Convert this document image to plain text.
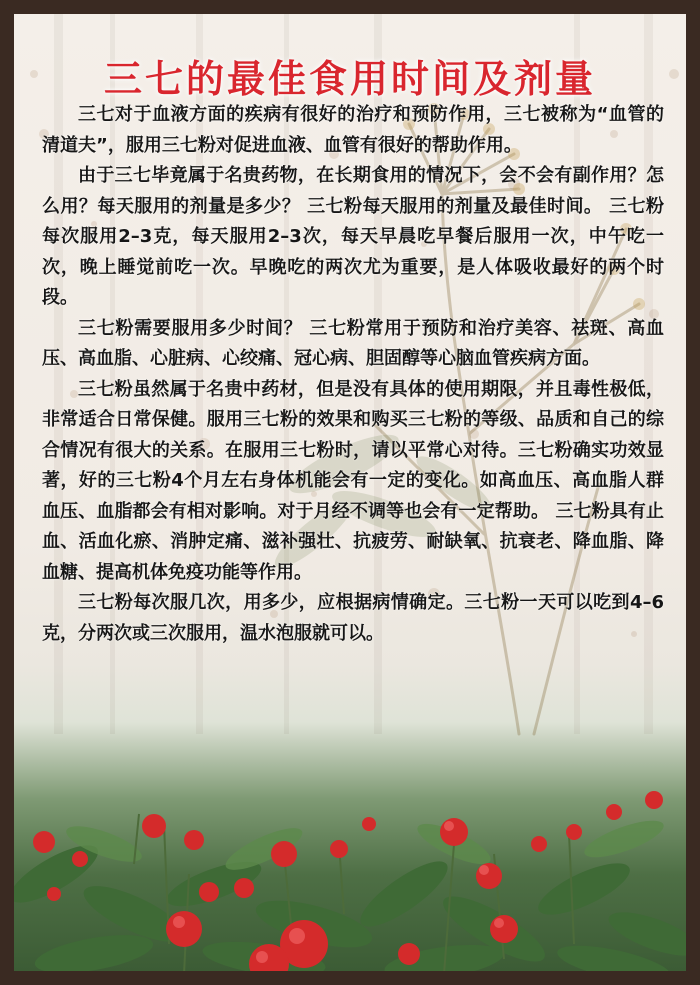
三七的最佳食用时间及剂量

三七对于血液方面的疾病有很好的治疗和预防作用，三七被称为“血管的清道夫”，服用三七粉对促进血液、血管有很好的帮助作用。

由于三七毕竟属于名贵药物，在长期食用的情况下，会不会有副作用？怎么用？每天服用的剂量是多少？ 三七粉每天服用的剂量及最佳时间。 三七粉每次服用2–3克，每天服用2–3次，每天早晨吃早餐后服用一次，中午吃一次，晚上睡觉前吃一次。早晚吃的两次尤为重要，是人体吸收最好的两个时段。

三七粉需要服用多少时间？ 三七粉常用于预防和治疗美容、祛斑、高血压、高血脂、心脏病、心绞痛、冠心病、胆固醇等心脑血管疾病方面。

三七粉虽然属于名贵中药材，但是没有具体的使用期限，并且毒性极低，非常适合日常保健。服用三七粉的效果和购买三七粉的等级、品质和自己的综合情况有很大的关系。在服用三七粉时，请以平常心对待。三七粉确实功效显著，好的三七粉4个月左右身体机能会有一定的变化。如高血压、高血脂人群血压、血脂都会有相对影响。对于月经不调等也会有一定帮助。 三七粉具有止血、活血化瘀、消肿定痛、滋补强壮、抗疲劳、耐缺氧、抗衰老、降血脂、降血糖、提高机体免疫功能等作用。

三七粉每次服几次，用多少，应根据病情确定。三七粉一天可以吃到4–6克，分两次或三次服用，温水泡服就可以。
